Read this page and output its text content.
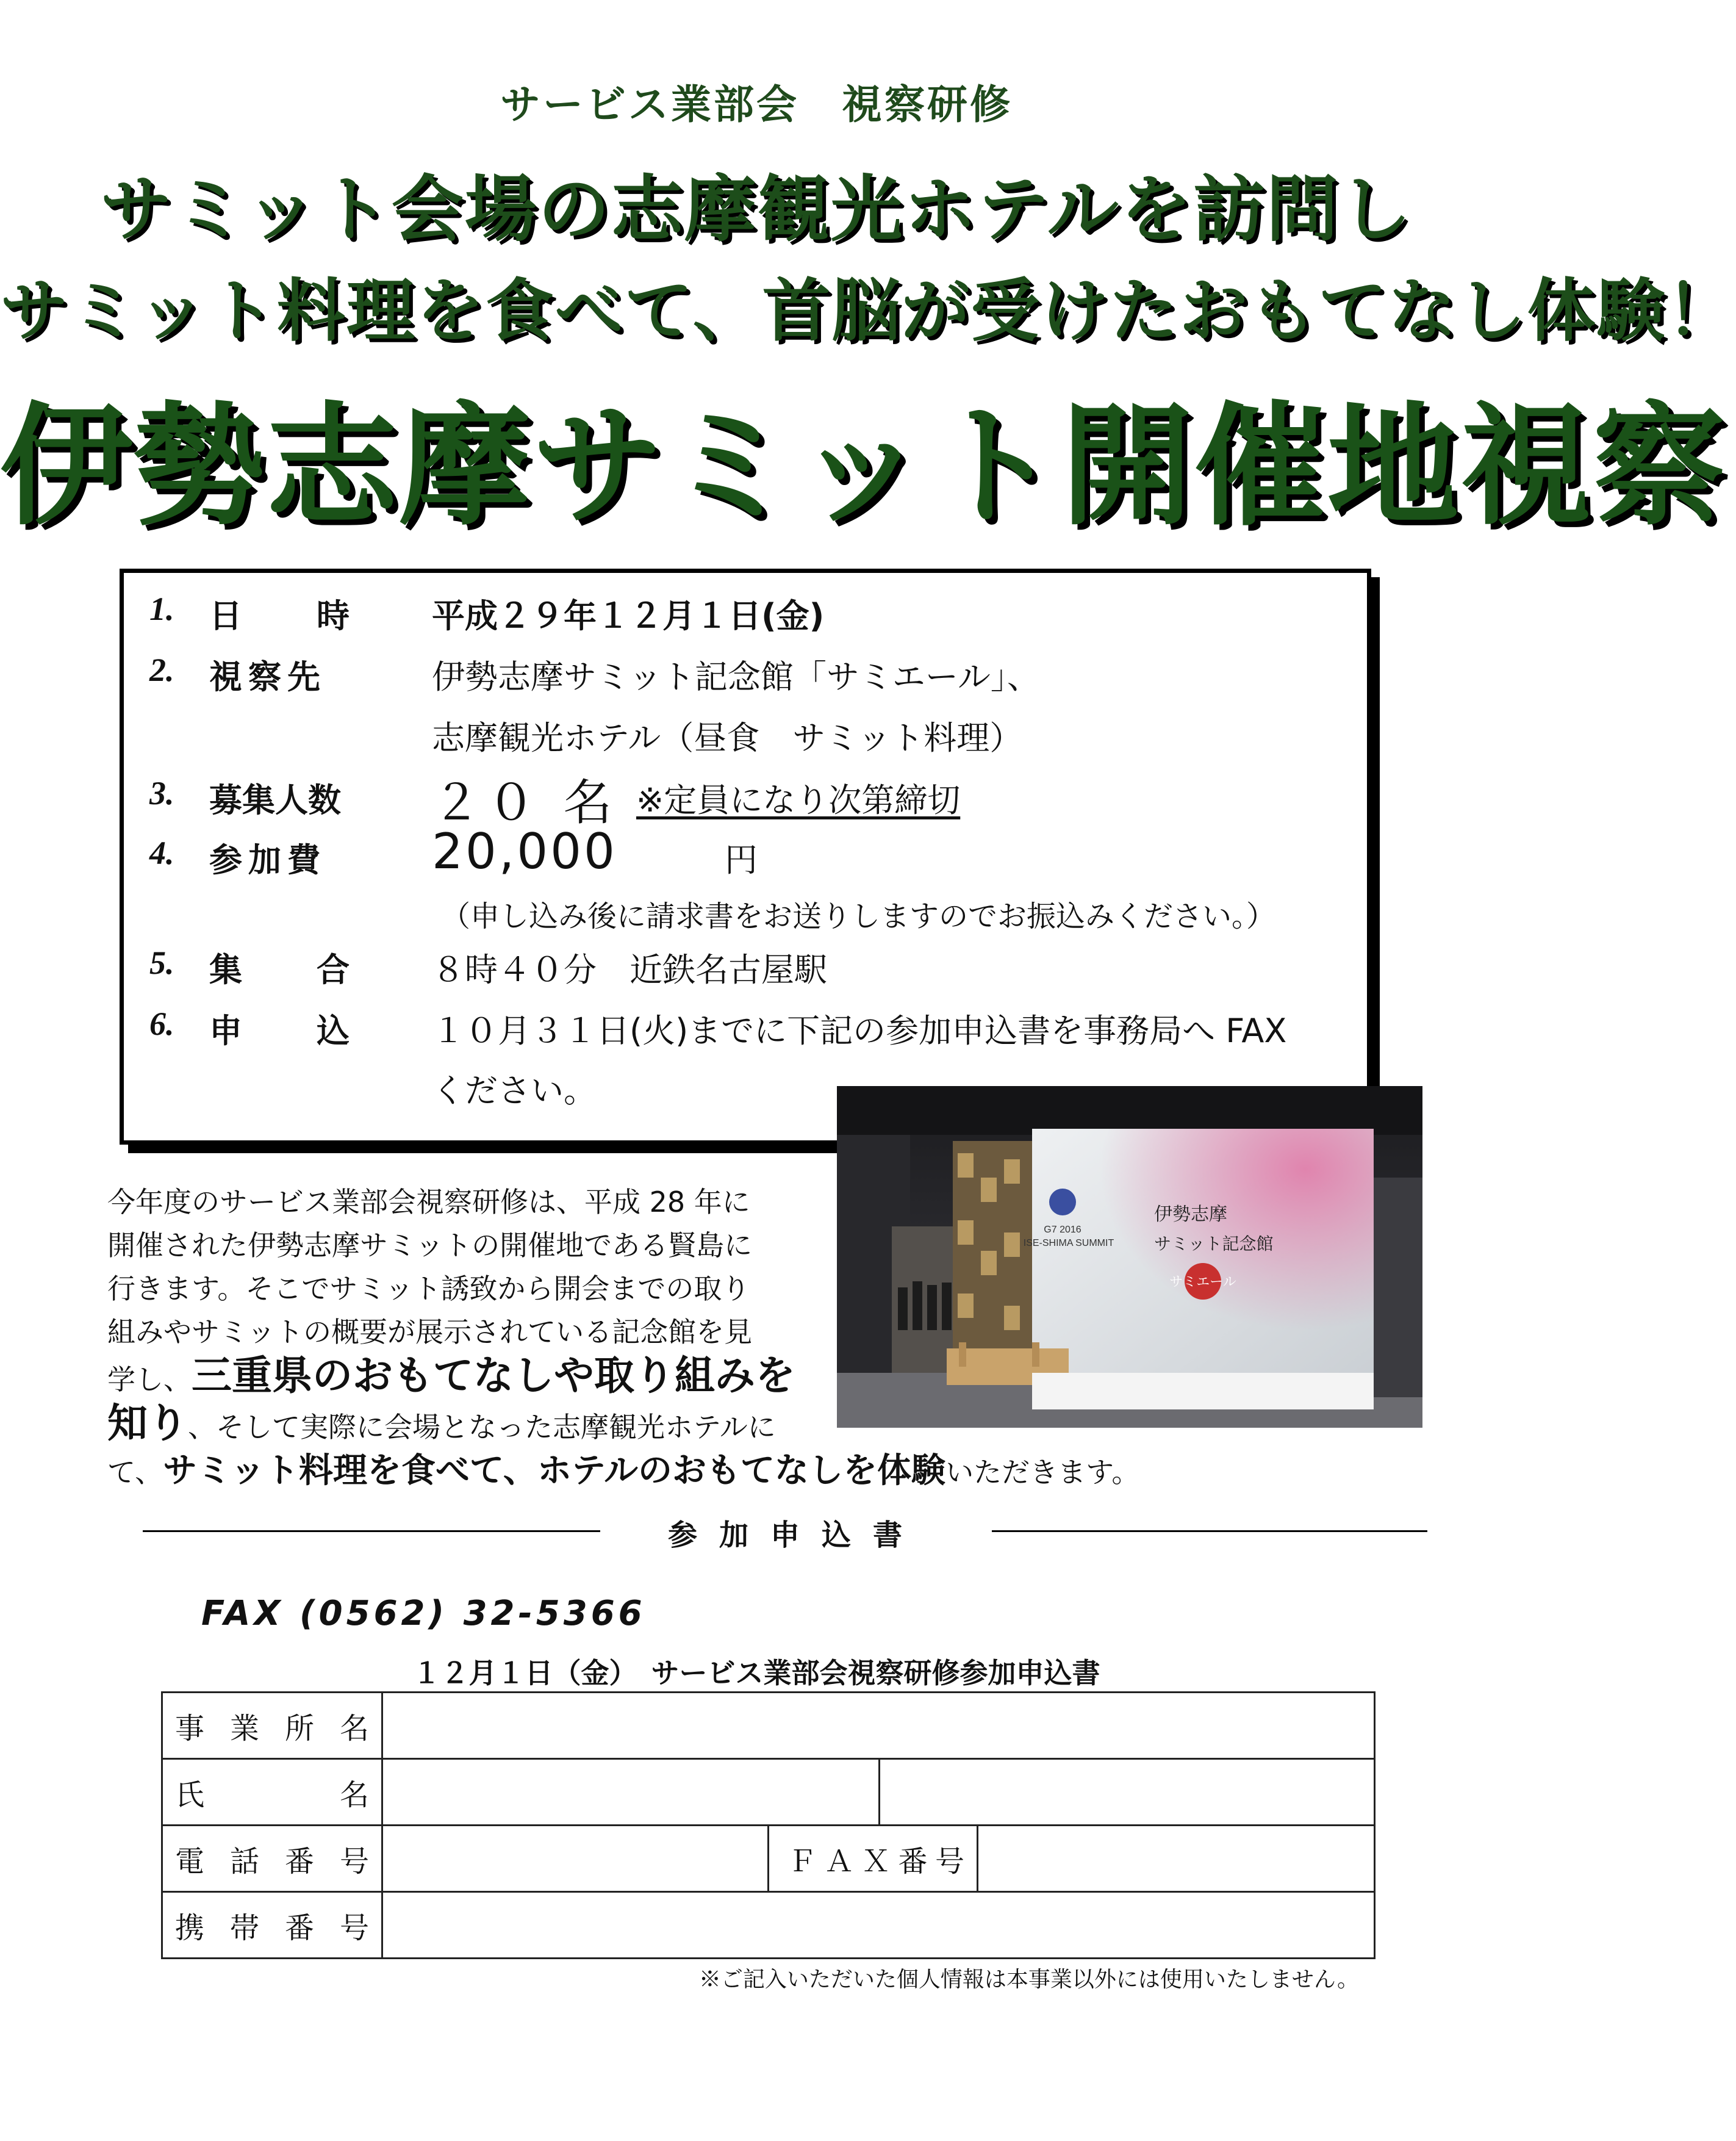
サービス業部会　視察研修
サミット会場の志摩観光ホテルを訪問し
サミット料理を食べて、首脳が受けたおもてなし体験！
伊勢志摩サミット開催地視察
1. 日 時	平成２９年１２月１日(金)
2. 視察先	伊勢志摩サミット記念館「サミエール」、
志摩観光ホテル（昼食　サミット料理）
3. 募集人数 ２０ 名 ※定員になり次第締切
4. 参加費 20,000	円
（申し込み後に請求書をお送りしますのでお振込みください。）
5. 集 合	８時４０分　近鉄名古屋駅
6. 申 込	１０月３１日(火)までに下記の参加申込書を事務局へ FAX
ください。
G7 2016
ISE-SHIMA SUMMIT
伊勢志摩
サミット記念館
サミエール
今年度のサービス業部会視察研修は、平成 28 年に
開催された伊勢志摩サミットの開催地である賢島に
行きます。そこでサミット誘致から開会までの取り
組みやサミットの概要が展示されている記念館を見
学し、三重県のおもてなしや取り組みを
知り、そして実際に会場となった志摩観光ホテルに
て、サミット料理を食べて、ホテルのおもてなしを体験いただきます。
参加申込書
FAX (0562) 32-5366
１２月１日（金）　サービス業部会視察研修参加申込書
事 業 所 名
氏	名
電 話 番 号	Ｆ Ａ Ｘ 番 号
携 帯 番 号
※ご記入いただいた個人情報は本事業以外には使用いたしません。
